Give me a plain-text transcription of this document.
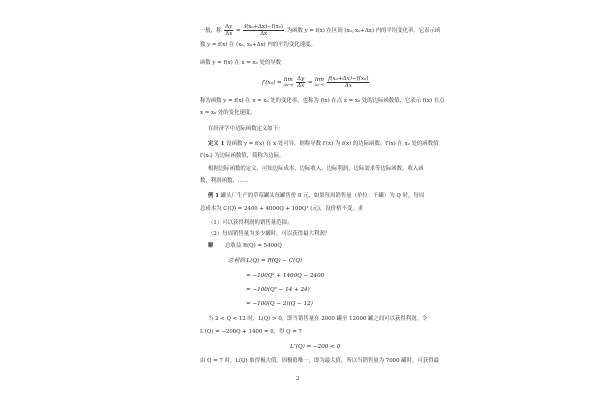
一般，称 $\frac{\Delta y}{\Delta x} = \frac{\text{f(x₀+Δx)−f(x₀)}}{\Delta x}$ 为函数 y = f(x) 在区间 (x₀, x₀+Δx) 内的平均变化率。它表示函
数 y = f(x) 在 (x₀, x₀+Δx) 内的平均变化速度。
函数 y = f(x) 在 x = x₀ 处的导数
f′(x₀) = lim
Δx→0
$\frac{\Delta y}{\Delta x} = \lim$
Δx→0
$\frac{\text{f(x₀+Δx)−f(x₀)}}{\Delta x}$
称为函数 y = f(x) 在 x = x₀ 处的变化率，也称为 f(x) 在点 x = x₀ 处的边际函数值，它表示 f(x) 在点
x = x₀ 处的变化速度。
在经济学中边际函数定义如下：
定义 1 设函数 y = f(x) 在 x 处可导，则称导数 f′(x) 为 f(x) 的边际函数。f′(x) 在 x₀ 处的函数值
f′(x₀) 为边际函数值，简称为边际。
根据边际函数的定义，可知边际成本、边际收入、边际利润、边际需求等边际函数，收入函
数、利润函数，……
例 1 罐头厂生产的草莓罐头每罐售价 8 元，如果每周销售量（单位：千罐）为 Q 时，每周
总成本为 C(Q) = 2400 + 4000Q + 100Q² (元)，设价格不变，求
（1）可以获得利润的销售量范围；
（2）每周销售量为多少罐时，可以获得最大利润？
解 总收益 R(Q) = 5400Q
总利润 L(Q) = R(Q) − C(Q)
= −100Q² + 1400Q − 2400
= −100(Q² − 14 + 24)
= −100(Q − 2)(Q − 12)
当 2 < Q < 12 时，L(Q) > 0，即当销售量在 2000 罐至 12000 罐之间可以获得利润。令
L′(Q) = −200Q + 1400 = 0，得 Q = 7
L″(Q) = −200 < 0
由 Q = 7 时，L(Q) 取得极大值，因极值唯一，即为最大值，所以当销售量为 7000 罐时，可获得最
2
